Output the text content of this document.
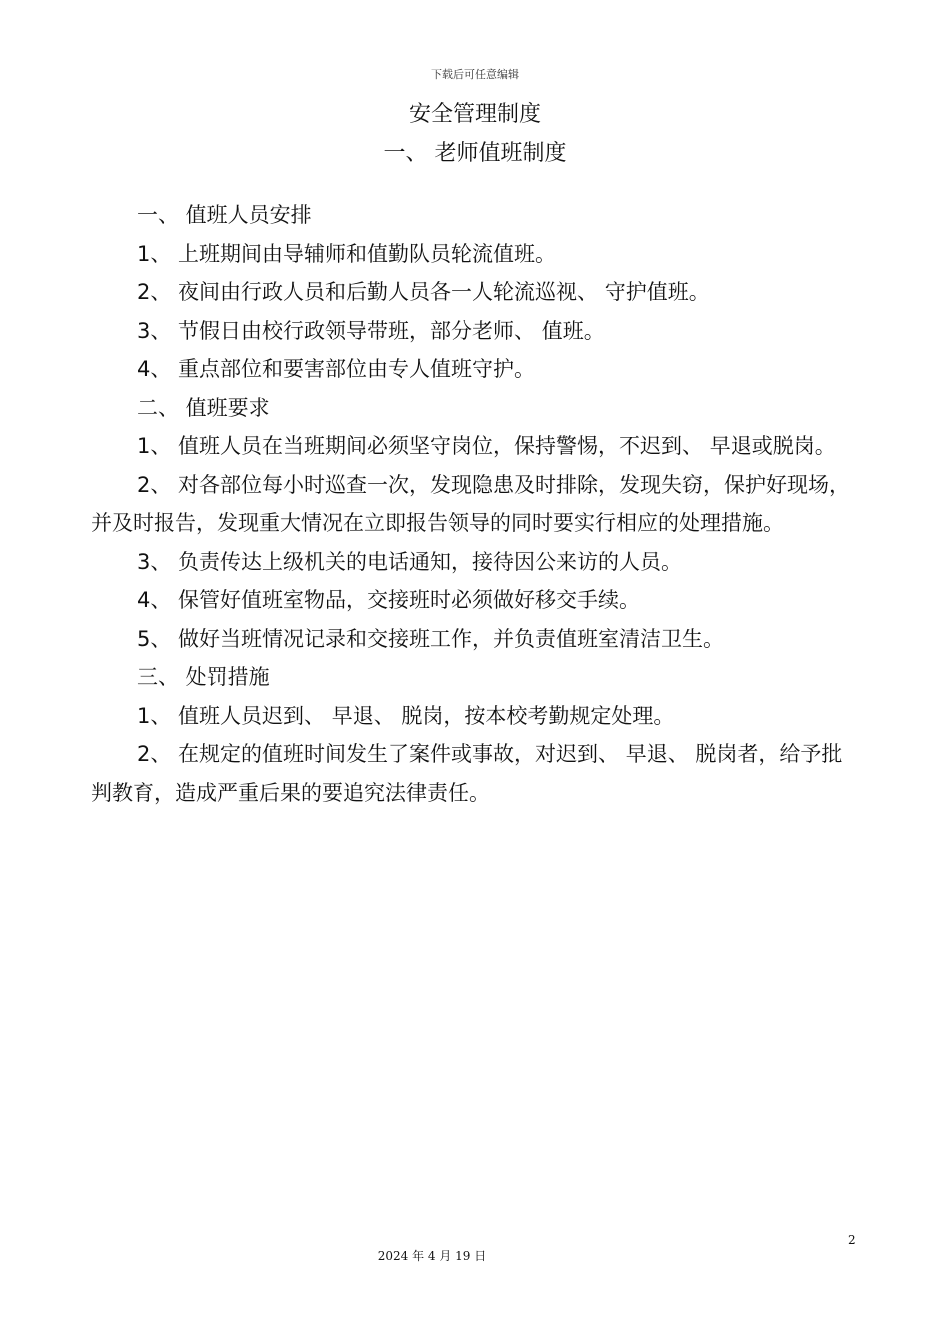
下载后可任意编辑
安全管理制度
一、 老师值班制度

一、 值班人员安排

1、 上班期间由导辅师和值勤队员轮流值班。

2、 夜间由行政人员和后勤人员各一人轮流巡视、 守护值班。

3、 节假日由校行政领导带班，部分老师、 值班。

4、 重点部位和要害部位由专人值班守护。

二、 值班要求

1、 值班人员在当班期间必须坚守岗位，保持警惕，不迟到、 早退或脱岗。

2、 对各部位每小时巡查一次，发现隐患及时排除，发现失窃，保护好现场，并及时报告，发现重大情况在立即报告领导的同时要实行相应的处理措施。

3、 负责传达上级机关的电话通知，接待因公来访的人员。

4、 保管好值班室物品，交接班时必须做好移交手续。

5、 做好当班情况记录和交接班工作，并负责值班室清洁卫生。

三、 处罚措施

1、 值班人员迟到、 早退、 脱岗，按本校考勤规定处理。

2、 在规定的值班时间发生了案件或事故，对迟到、 早退、 脱岗者，给予批判教育，造成严重后果的要追究法律责任。

2
2024 年 4 月 19 日
